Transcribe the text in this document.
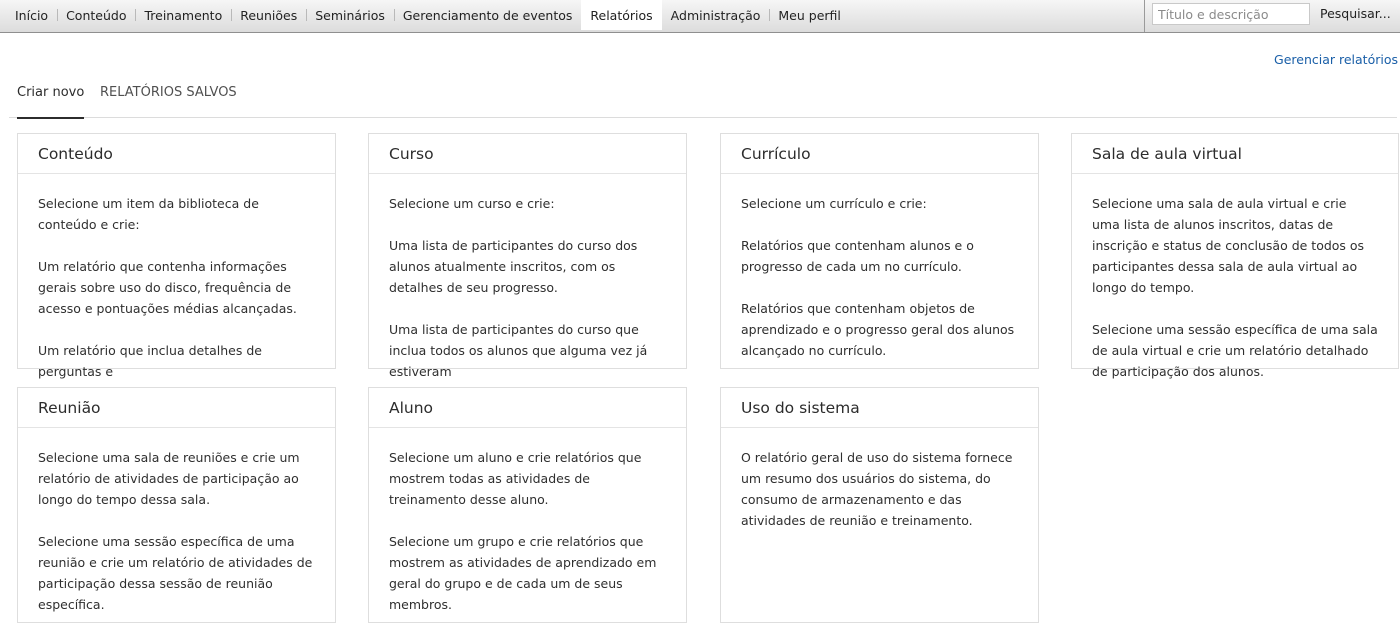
Início	Conteúdo	Treinamento	Reuniões	Seminários	Gerenciamento de eventos	Relatórios	Administração	Meu perfil
Título e descrição	Pesquisar...
Gerenciar relatórios
Criar novo RELATÓRIOS SALVOS
Conteúdo

Selecione um item da biblioteca de conteúdo e crie:

Um relatório que contenha informações gerais sobre uso do disco, frequência de acesso e pontuações médias alcançadas.

Um relatório que inclua detalhes de perguntas e

Curso

Selecione um curso e crie:

Uma lista de participantes do curso dos alunos atualmente inscritos, com os detalhes de seu progresso.

Uma lista de participantes do curso que inclua todos os alunos que alguma vez já estiveram

Currículo

Selecione um currículo e crie:

Relatórios que contenham alunos e o progresso de cada um no currículo.

Relatórios que contenham objetos de aprendizado e o progresso geral dos alunos alcançado no currículo.

Sala de aula virtual

Selecione uma sala de aula virtual e crie uma lista de alunos inscritos, datas de inscrição e status de conclusão de todos os participantes dessa sala de aula virtual ao longo do tempo.

Selecione uma sessão específica de uma sala de aula virtual e crie um relatório detalhado de participação dos alunos.

Reunião

Selecione uma sala de reuniões e crie um relatório de atividades de participação ao longo do tempo dessa sala.

Selecione uma sessão específica de uma reunião e crie um relatório de atividades de participação dessa sessão de reunião específica.

Aluno

Selecione um aluno e crie relatórios que mostrem todas as atividades de treinamento desse aluno.

Selecione um grupo e crie relatórios que mostrem as atividades de aprendizado em geral do grupo e de cada um de seus membros.

Uso do sistema

O relatório geral de uso do sistema fornece um resumo dos usuários do sistema, do consumo de armazenamento e das atividades de reunião e treinamento.
